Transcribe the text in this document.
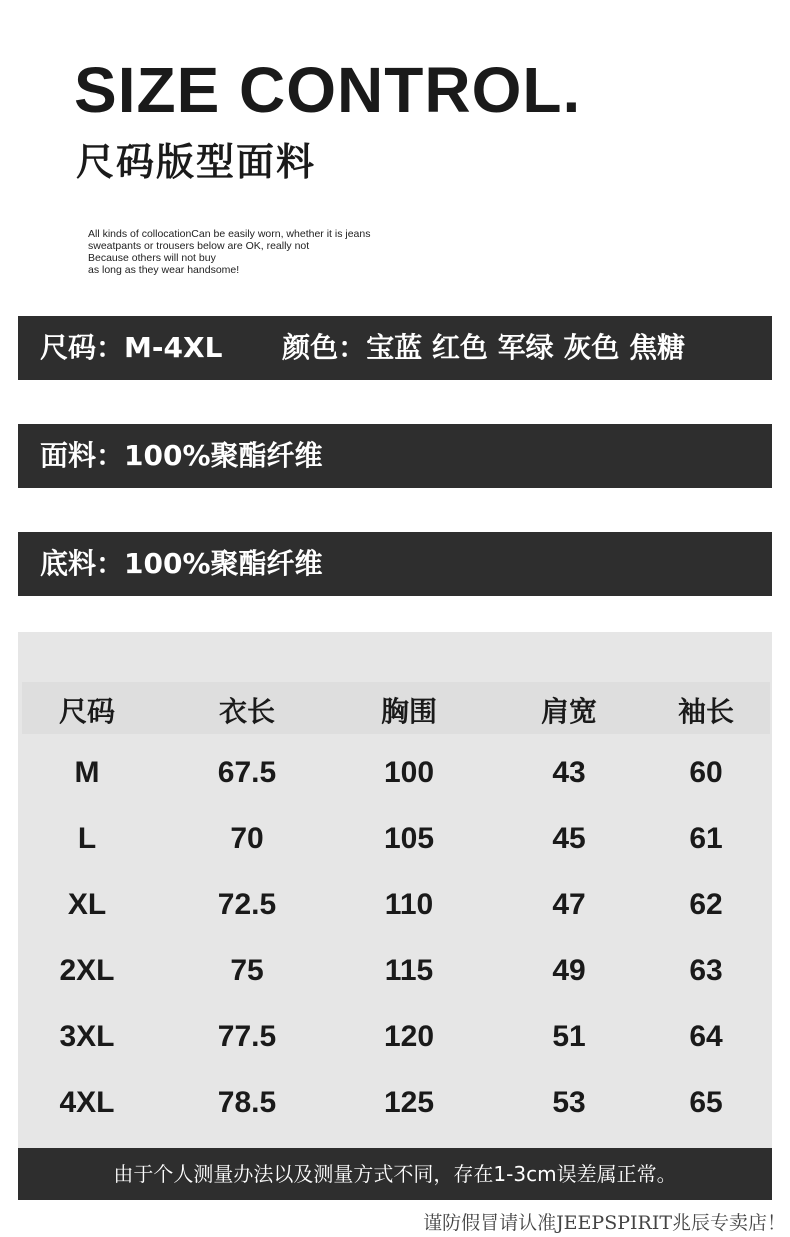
SIZE CONTROL.
尺码版型面料
All kinds of collocationCan be easily worn, whether it is jeans
sweatpants or trousers below are OK, really not
Because others will not buy
as long as they wear handsome!
尺码：M-4XL 颜色：宝蓝 红色 军绿 灰色 焦糖
面料：100%聚酯纤维
底料：100%聚酯纤维
尺码	衣长	胸围	肩宽	袖长
M	67.5	100	43	60
L	70	105	45	61
XL	72.5	110	47	62
2XL	75	115	49	63
3XL	77.5	120	51	64
4XL	78.5	125	53	65
由于个人测量办法以及测量方式不同，存在1-3cm误差属正常。
谨防假冒请认准JEEPSPIRIT兆辰专卖店！
